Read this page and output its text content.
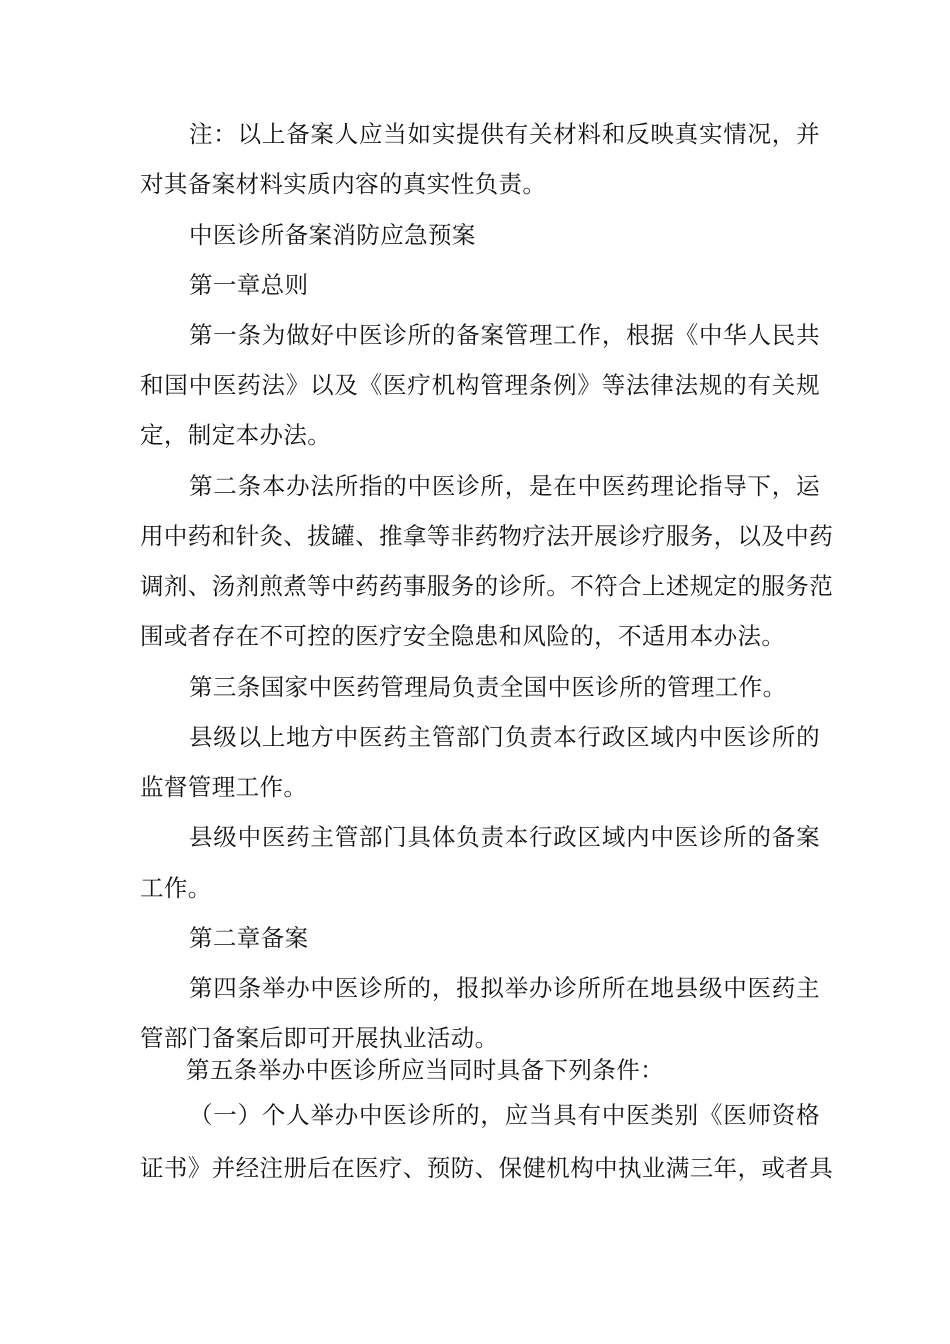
注：以上备案人应当如实提供有关材料和反映真实情况，并
对其备案材料实质内容的真实性负责。
中医诊所备案消防应急预案
第一章总则
第一条为做好中医诊所的备案管理工作，根据《中华人民共
和国中医药法》以及《医疗机构管理条例》等法律法规的有关规
定，制定本办法。
第二条本办法所指的中医诊所，是在中医药理论指导下，运
用中药和针灸、拔罐、推拿等非药物疗法开展诊疗服务，以及中药
调剂、汤剂煎煮等中药药事服务的诊所。不符合上述规定的服务范
围或者存在不可控的医疗安全隐患和风险的，不适用本办法。
第三条国家中医药管理局负责全国中医诊所的管理工作。
县级以上地方中医药主管部门负责本行政区域内中医诊所的
监督管理工作。
县级中医药主管部门具体负责本行政区域内中医诊所的备案
工作。
第二章备案
第四条举办中医诊所的，报拟举办诊所所在地县级中医药主
管部门备案后即可开展执业活动。
第五条举办中医诊所应当同时具备下列条件：
（一）个人举办中医诊所的，应当具有中医类别《医师资格
证书》并经注册后在医疗、预防、保健机构中执业满三年，或者具
